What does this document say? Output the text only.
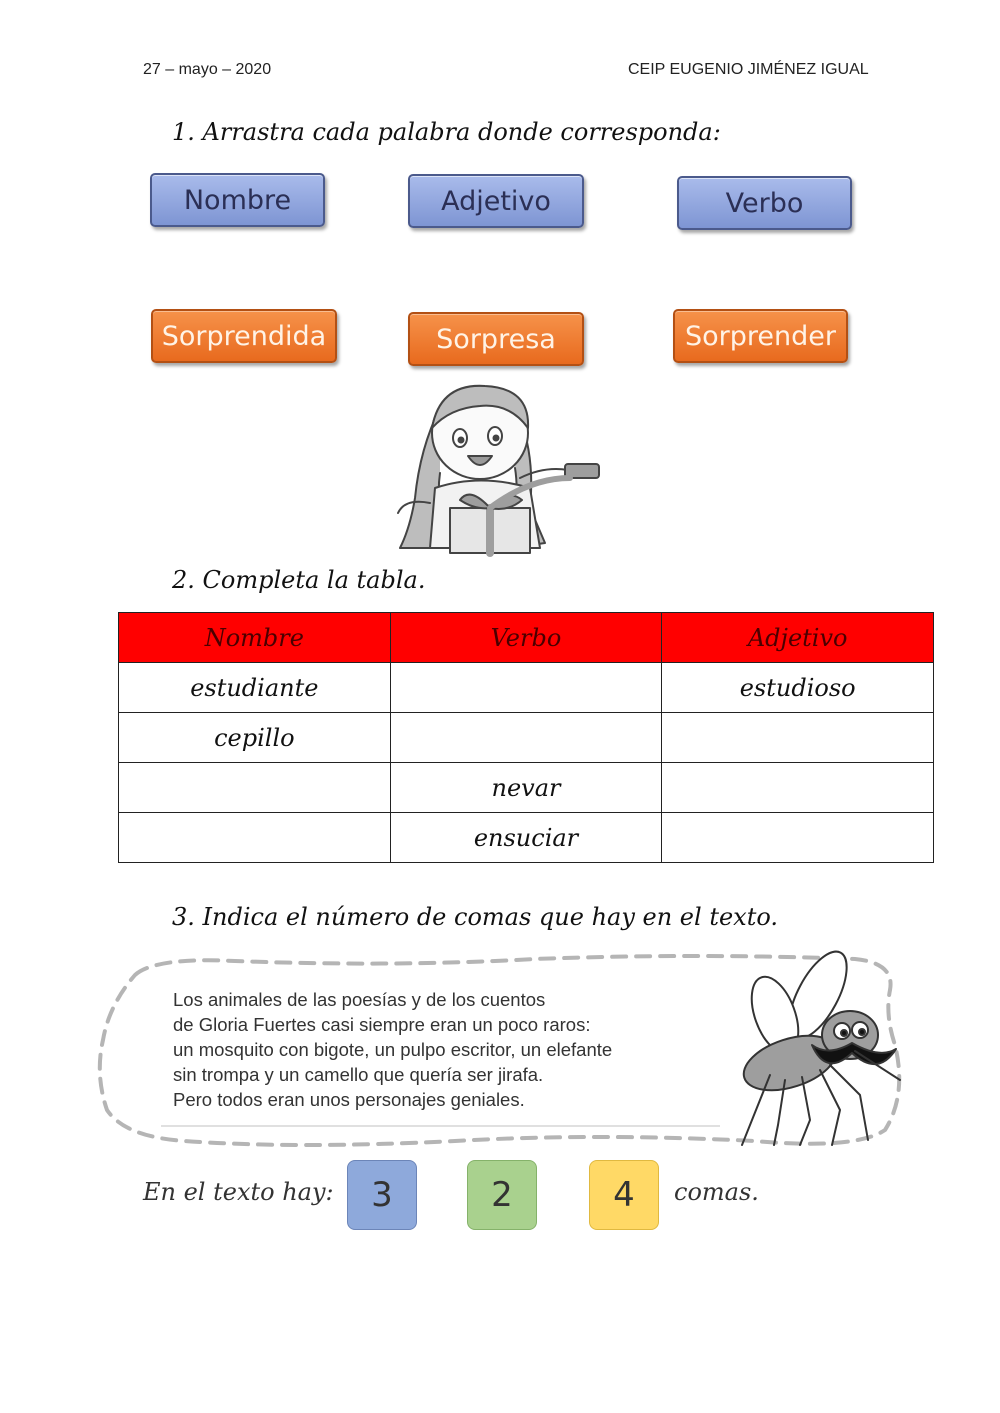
27 – mayo – 2020	CEIP EUGENIO JIMÉNEZ IGUAL
1. Arrastra cada palabra donde corresponda:
Nombre	Adjetivo	Verbo
Sorprendida	Sorpresa	Sorprender
2. Completa la tabla.
Nombre	Verbo	Adjetivo
estudiante		estudioso
cepillo		
	nevar	
	ensuciar	
3. Indica el número de comas que hay en el texto.
Los animales de las poesías y de los cuentos
de Gloria Fuertes casi siempre eran un poco raros:
un mosquito con bigote, un pulpo escritor, un elefante
sin trompa y un camello que quería ser jirafa.
Pero todos eran unos personajes geniales.
En el texto hay:	3	2	4	comas.
